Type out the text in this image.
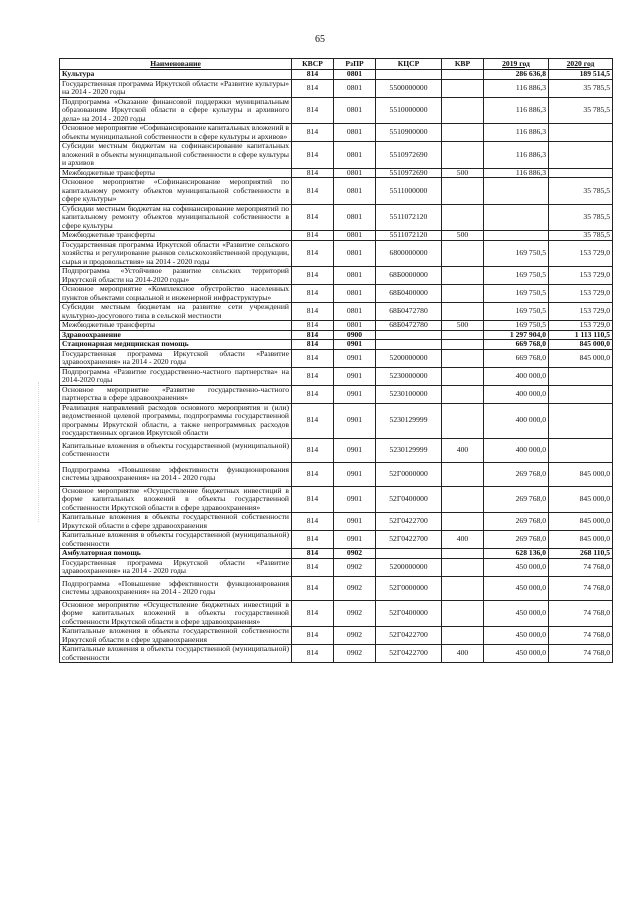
65
Наименование	КВСР	РзПР	КЦСР	КВР	2019 год	2020 год
Культура	814	0801			286 636,8	189 514,5
Государственная программа Иркутской области «Развитие культуры» на 2014 - 2020 годы	814	0801	5500000000		116 886,3	35 785,5
Подпрограмма «Оказание финансовой поддержки муниципальным образованиям Иркутской области в сфере культуры и архивного дела» на 2014 - 2020 годы	814	0801	5510000000		116 886,3	35 785,5
Основное мероприятие «Софинансирование капитальных вложений в объекты муниципальной собственности в сфере культуры и архивов»	814	0801	5510900000		116 886,3	
Субсидии местным бюджетам на софинансирование капитальных вложений в объекты муниципальной собственности в сфере культуры и архивов	814	0801	5510972690		116 886,3	
Межбюджетные трансферты	814	0801	5510972690	500	116 886,3	
Основное мероприятие «Софинансирование мероприятий по капитальному ремонту объектов муниципальной собственности в сфере культуры»	814	0801	5511000000			35 785,5
Субсидии местным бюджетам на софинансирование мероприятий по капитальному ремонту объектов муниципальной собственности в сфере культуры	814	0801	5511072120			35 785,5
Межбюджетные трансферты	814	0801	5511072120	500		35 785,5
Государственная программа Иркутской области «Развитие сельского хозяйства и регулирование рынков сельскохозяйственной продукции, сырья и продовольствия» на 2014 - 2020 годы	814	0801	6800000000		169 750,5	153 729,0
Подпрограмма «Устойчивое развитие сельских территорий Иркутской области на 2014-2020 годы»	814	0801	68Б0000000		169 750,5	153 729,0
Основное мероприятие «Комплексное обустройство населенных пунктов объектами социальной и инженерной инфраструктуры»	814	0801	68Б0400000		169 750,5	153 729,0
Субсидии местным бюджетам на развитие сети учреждений культурно-досугового типа в сельской местности	814	0801	68Б0472780		169 750,5	153 729,0
Межбюджетные трансферты	814	0801	68Б0472780	500	169 750,5	153 729,0
Здравоохранение	814	0900			1 297 904,0	1 113 110,5
Стационарная медицинская помощь	814	0901			669 768,0	845 000,0
Государственная программа Иркутской области «Развитие здравоохранения» на 2014 - 2020 годы	814	0901	5200000000		669 768,0	845 000,0
Подпрограмма «Развитие государственно-частного партнерства» на 2014-2020 годы	814	0901	5230000000		400 000,0	
Основное мероприятие «Развитие государственно-частного партнерства в сфере здравоохранения»	814	0901	5230100000		400 000,0	
Реализация направлений расходов основного мероприятия и (или) ведомственной целевой программы, подпрограммы государственной программы Иркутской области, а также непрограммных расходов государственных органов Иркутской области	814	0901	5230129999		400 000,0	
Капитальные вложения в объекты государственной (муниципальной) собственности	814	0901	5230129999	400	400 000,0	
Подпрограмма «Повышение эффективности функционирования системы здравоохранения» на 2014 - 2020 годы	814	0901	52Г0000000		269 768,0	845 000,0
Основное мероприятие «Осуществление бюджетных инвестиций в форме капитальных вложений в объекты государственной собственности Иркутской области в сфере здравоохранения»	814	0901	52Г0400000		269 768,0	845 000,0
Капитальные вложения в объекты государственной собственности Иркутской области в сфере здравоохранения	814	0901	52Г0422700		269 768,0	845 000,0
Капитальные вложения в объекты государственной (муниципальной) собственности	814	0901	52Г0422700	400	269 768,0	845 000,0
Амбулаторная помощь	814	0902			628 136,0	268 110,5
Государственная программа Иркутской области «Развитие здравоохранения» на 2014 - 2020 годы	814	0902	5200000000		450 000,0	74 768,0
Подпрограмма «Повышение эффективности функционирования системы здравоохранения» на 2014 - 2020 годы	814	0902	52Г0000000		450 000,0	74 768,0
Основное мероприятие «Осуществление бюджетных инвестиций в форме капитальных вложений в объекты государственной собственности Иркутской области в сфере здравоохранения»	814	0902	52Г0400000		450 000,0	74 768,0
Капитальные вложения в объекты государственной собственности Иркутской области в сфере здравоохранения	814	0902	52Г0422700		450 000,0	74 768,0
Капитальные вложения в объекты государственной (муниципальной) собственности	814	0902	52Г0422700	400	450 000,0	74 768,0
